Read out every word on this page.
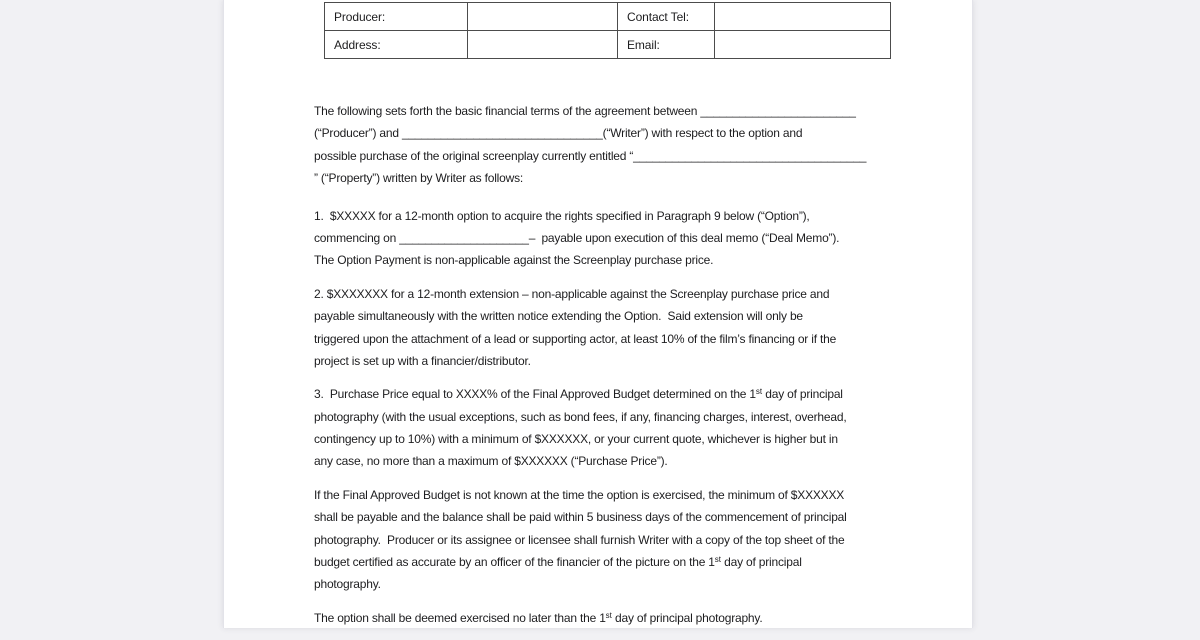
Producer:		Contact Tel:	
Address:		Email:	
The following sets forth the basic financial terms of the agreement between ________________________
(“Producer”) and _______________________________(“Writer”) with respect to the option and
possible purchase of the original screenplay currently entitled “____________________________________
” (“Property”) written by Writer as follows:
1.  $XXXXX for a 12-month option to acquire the rights specified in Paragraph 9 below (“Option”),
commencing on ____________________–  payable upon execution of this deal memo (“Deal Memo”).
The Option Payment is non-applicable against the Screenplay purchase price.
2. $XXXXXXX for a 12-month extension – non-applicable against the Screenplay purchase price and
payable simultaneously with the written notice extending the Option.  Said extension will only be
triggered upon the attachment of a lead or supporting actor, at least 10% of the film’s financing or if the
project is set up with a financier/distributor.
3.  Purchase Price equal to XXXX% of the Final Approved Budget determined on the 1st day of principal
photography (with the usual exceptions, such as bond fees, if any, financing charges, interest, overhead,
contingency up to 10%) with a minimum of $XXXXXX, or your current quote, whichever is higher but in
any case, no more than a maximum of $XXXXXX (“Purchase Price”).
If the Final Approved Budget is not known at the time the option is exercised, the minimum of $XXXXXX
shall be payable and the balance shall be paid within 5 business days of the commencement of principal
photography.  Producer or its assignee or licensee shall furnish Writer with a copy of the top sheet of the
budget certified as accurate by an officer of the financier of the picture on the 1st day of principal
photography.
The option shall be deemed exercised no later than the 1st day of principal photography.
